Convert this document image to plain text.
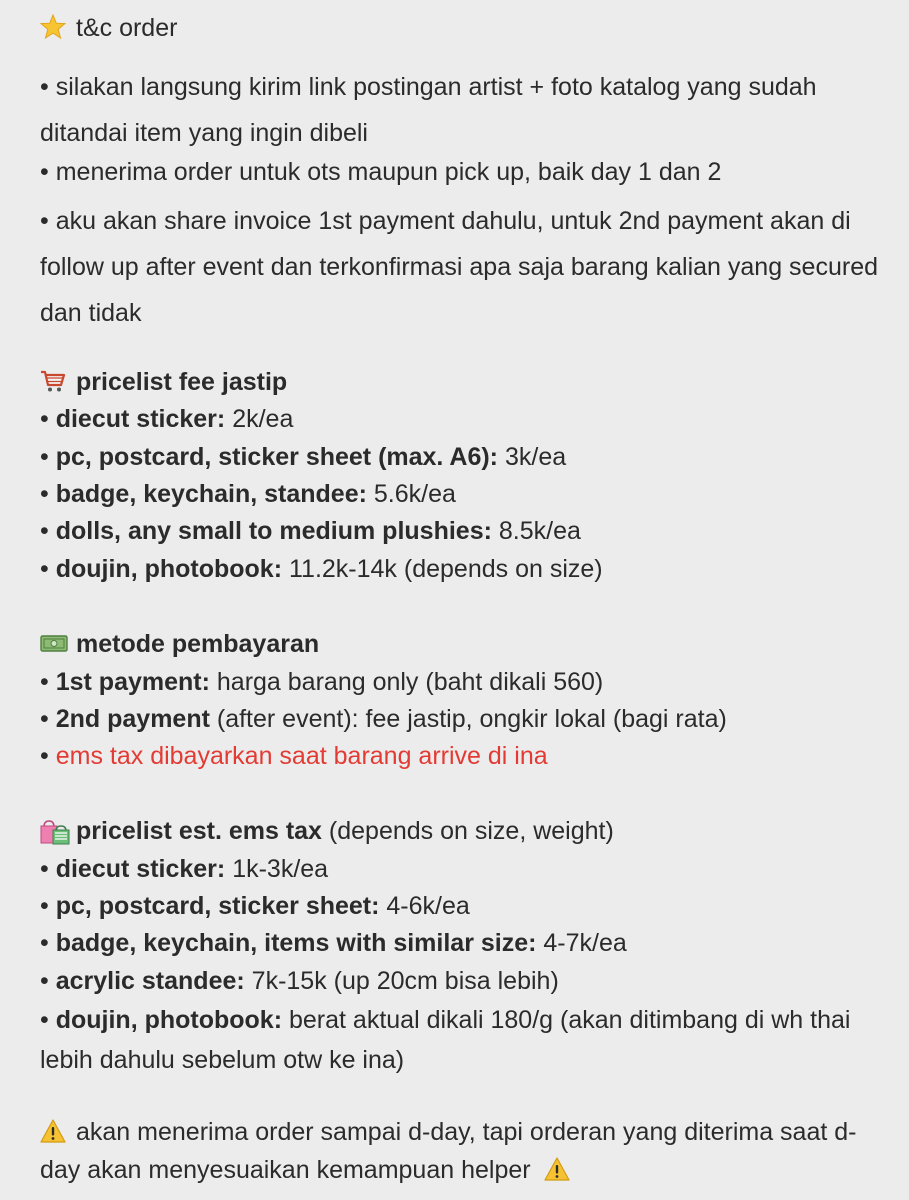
t&c order
• silakan langsung kirim link postingan artist + foto katalog yang sudah ditandai item yang ingin dibeli
• menerima order untuk ots maupun pick up, baik day 1 dan 2
• aku akan share invoice 1st payment dahulu, untuk 2nd payment akan di follow up after event dan terkonfirmasi apa saja barang kalian yang secured dan tidak
pricelist fee jastip
• diecut sticker: 2k/ea
• pc, postcard, sticker sheet (max. A6): 3k/ea
• badge, keychain, standee: 5.6k/ea
• dolls, any small to medium plushies: 8.5k/ea
• doujin, photobook: 11.2k-14k (depends on size)
metode pembayaran
• 1st payment: harga barang only (baht dikali 560)
• 2nd payment (after event): fee jastip, ongkir lokal (bagi rata)
• ems tax dibayarkan saat barang arrive di ina
pricelist est. ems tax (depends on size, weight)
• diecut sticker: 1k-3k/ea
• pc, postcard, sticker sheet: 4-6k/ea
• badge, keychain, items with similar size: 4-7k/ea
• acrylic standee: 7k-15k (up 20cm bisa lebih)
• doujin, photobook: berat aktual dikali 180/g (akan ditimbang di wh thai lebih dahulu sebelum otw ke ina)
akan menerima order sampai d-day, tapi orderan yang diterima saat d-day akan menyesuaikan kemampuan helper
